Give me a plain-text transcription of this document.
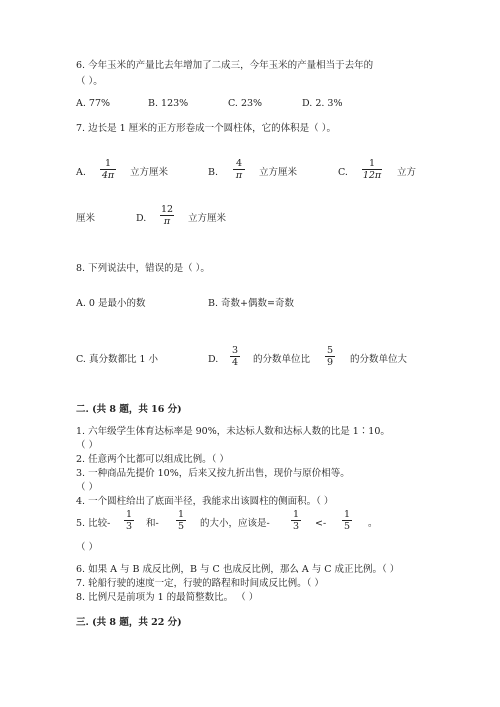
6. 今年玉米的产量比去年增加了二成三，今年玉米的产量相当于去年的
（ ）。
A. 77%	B. 123%	C. 23%	D. 2. 3%
7. 边长是 1 厘米的正方形卷成一个圆柱体，它的体积是（ ）。
A.
1
4π 立方厘米	B.
4
π	立方厘米	C.
1
12π 立方
厘米	D.
12
π	立方厘米
8. 下列说法中，错误的是（ ）。
A. 0 是最小的数	B. 奇数+偶数=奇数
C. 真分数都比 1 小	D.
3
4 的分数单位比
5
9 的分数单位大
二. (共 8 题，共 16 分)
1. 六年级学生体育达标率是 90%，未达标人数和达标人数的比是 1∶10。
（ ）
2. 任意两个比都可以组成比例。（ ）
3. 一种商品先提价 10%，后来又按九折出售，现价与原价相等。
（ ）
4. 一个圆柱给出了底面半径，我能求出该圆柱的侧面积。（ ）
5. 比较-
1
3 和-
1
5 的大小，应该是-
1
3 <-
1
5 。
（ ）
6. 如果 A 与 B 成反比例，B 与 C 也成反比例，那么 A 与 C 成正比例。（ ）
7. 轮船行驶的速度一定，行驶的路程和时间成反比例。（ ）
8. 比例尺是前项为 1 的最简整数比。 （ ）
三. (共 8 题，共 22 分)
